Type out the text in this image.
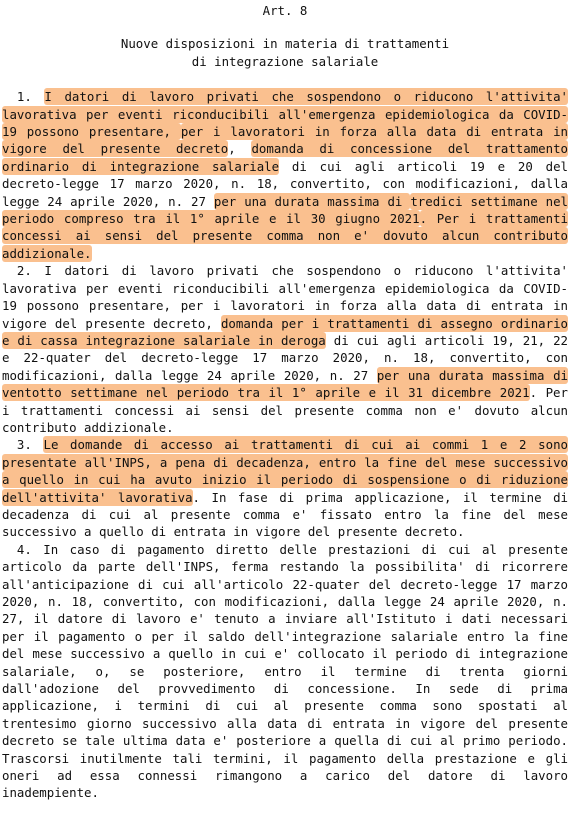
Art. 8

Nuove disposizioni in materia di trattamenti
di integrazione salariale

1. I datori di lavoro privati che sospendono o riducono l'attivita' lavorativa per eventi riconducibili all'emergenza epidemiologica da COVID-19 possono presentare, per i lavoratori in forza alla data di entrata in vigore del presente decreto, domanda di concessione del trattamento ordinario di integrazione salariale di cui agli articoli 19 e 20 del decreto-legge 17 marzo 2020, n. 18, convertito, con modificazioni, dalla legge 24 aprile 2020, n. 27 per una durata massima di tredici settimane nel periodo compreso tra il 1° aprile e il 30 giugno 2021. Per i trattamenti concessi ai sensi del presente comma non e' dovuto alcun contributo addizionale.

2. I datori di lavoro privati che sospendono o riducono l'attivita' lavorativa per eventi riconducibili all'emergenza epidemiologica da COVID-19 possono presentare, per i lavoratori in forza alla data di entrata in vigore del presente decreto, domanda per i trattamenti di assegno ordinario e di cassa integrazione salariale in deroga di cui agli articoli 19, 21, 22 e 22-quater del decreto-legge 17 marzo 2020, n. 18, convertito, con modificazioni, dalla legge 24 aprile 2020, n. 27 per una durata massima di ventotto settimane nel periodo tra il 1° aprile e il 31 dicembre 2021. Per i trattamenti concessi ai sensi del presente comma non e' dovuto alcun contributo addizionale.

3. Le domande di accesso ai trattamenti di cui ai commi 1 e 2 sono presentate all'INPS, a pena di decadenza, entro la fine del mese successivo a quello in cui ha avuto inizio il periodo di sospensione o di riduzione dell'attivita' lavorativa. In fase di prima applicazione, il termine di decadenza di cui al presente comma e' fissato entro la fine del mese successivo a quello di entrata in vigore del presente decreto.

4. In caso di pagamento diretto delle prestazioni di cui al presente articolo da parte dell'INPS, ferma restando la possibilita' di ricorrere all'anticipazione di cui all'articolo 22-quater del decreto-legge 17 marzo 2020, n. 18, convertito, con modificazioni, dalla legge 24 aprile 2020, n. 27, il datore di lavoro e' tenuto a inviare all'Istituto i dati necessari per il pagamento o per il saldo dell'integrazione salariale entro la fine del mese successivo a quello in cui e' collocato il periodo di integrazione salariale, o, se posteriore, entro il termine di trenta giorni dall'adozione del provvedimento di concessione. In sede di prima applicazione, i termini di cui al presente comma sono spostati al trentesimo giorno successivo alla data di entrata in vigore del presente decreto se tale ultima data e' posteriore a quella di cui al primo periodo. Trascorsi inutilmente tali termini, il pagamento della prestazione e gli oneri ad essa connessi rimangono a carico del datore di lavoro inadempiente.
